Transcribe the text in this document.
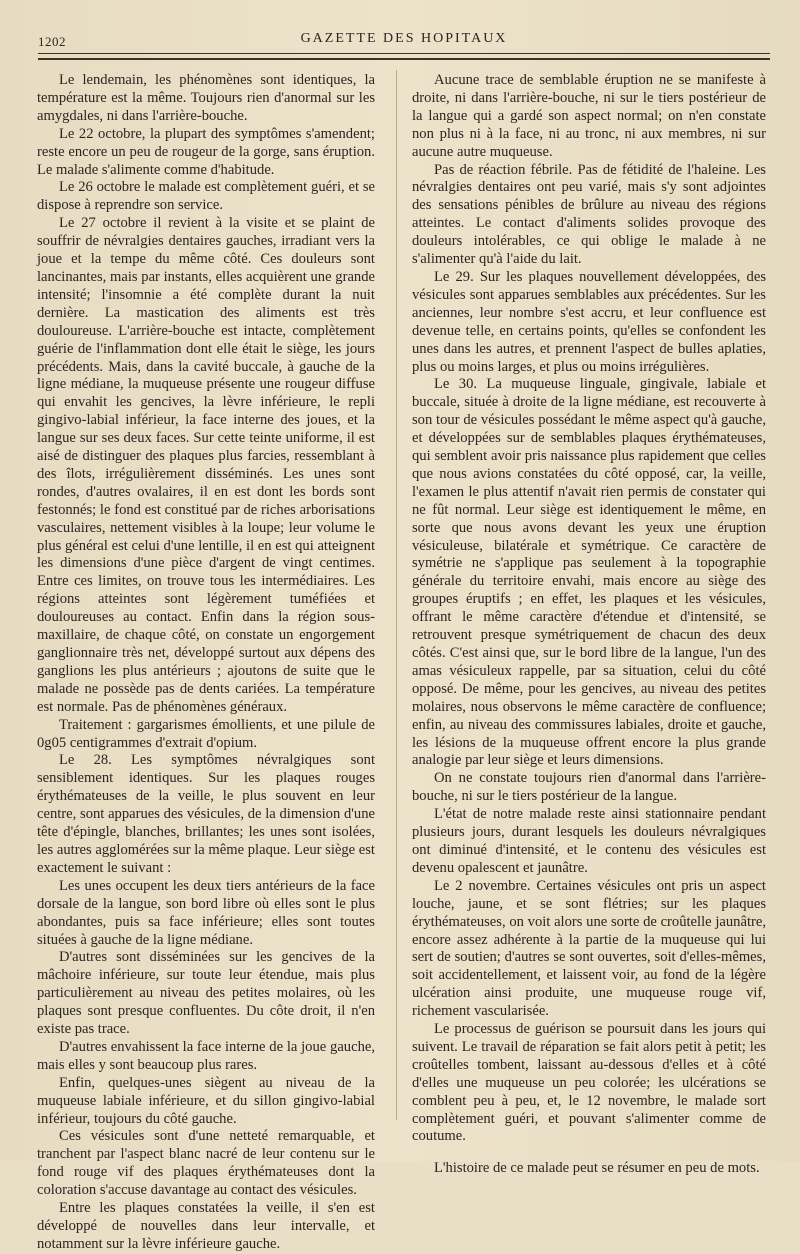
1202	GAZETTE DES HOPITAUX

Le lendemain, les phénomènes sont identiques, la température est la même. Toujours rien d'anormal sur les amygdales, ni dans l'arrière-bouche.

Le 22 octobre, la plupart des symptômes s'amendent; reste encore un peu de rougeur de la gorge, sans éruption. Le malade s'alimente comme d'habitude.

Le 26 octobre le malade est complètement guéri, et se dispose à reprendre son service.

Le 27 octobre il revient à la visite et se plaint de souffrir de névralgies dentaires gauches, irradiant vers la joue et la tempe du même côté. Ces douleurs sont lancinantes, mais par instants, elles acquièrent une grande intensité; l'insomnie a été complète durant la nuit dernière. La mastication des aliments est très douloureuse. L'arrière-bouche est intacte, complètement guérie de l'inflammation dont elle était le siège, les jours précédents. Mais, dans la cavité buccale, à gauche de la ligne médiane, la muqueuse présente une rougeur diffuse qui envahit les gencives, la lèvre inférieure, le repli gingivo-labial inférieur, la face interne des joues, et la langue sur ses deux faces. Sur cette teinte uniforme, il est aisé de distinguer des plaques plus farcies, ressemblant à des îlots, irrégulièrement disséminés. Les unes sont rondes, d'autres ovalaires, il en est dont les bords sont festonnés; le fond est constitué par de riches arborisations vasculaires, nettement visibles à la loupe; leur volume le plus général est celui d'une lentille, il en est qui atteignent les dimensions d'une pièce d'argent de vingt centimes. Entre ces limites, on trouve tous les intermédiaires. Les régions atteintes sont légèrement tuméfiées et douloureuses au contact. Enfin dans la région sous-maxillaire, de chaque côté, on constate un engorgement ganglionnaire très net, développé surtout aux dépens des ganglions les plus antérieurs ; ajoutons de suite que le malade ne possède pas de dents cariées. La température est normale. Pas de phénomènes généraux.

Traitement : gargarismes émollients, et une pilule de 0g05 centigrammes d'extrait d'opium.

Le 28. Les symptômes névralgiques sont sensiblement identiques. Sur les plaques rouges érythémateuses de la veille, le plus souvent en leur centre, sont apparues des vésicules, de la dimension d'une tête d'épingle, blanches, brillantes; les unes sont isolées, les autres agglomérées sur la même plaque. Leur siège est exactement le suivant :

Les unes occupent les deux tiers antérieurs de la face dorsale de la langue, son bord libre où elles sont le plus abondantes, puis sa face inférieure; elles sont toutes situées à gauche de la ligne médiane.

D'autres sont disséminées sur les gencives de la mâchoire inférieure, sur toute leur étendue, mais plus particulièrement au niveau des petites molaires, où les plaques sont presque confluentes. Du côte droit, il n'en existe pas trace.

D'autres envahissent la face interne de la joue gauche, mais elles y sont beaucoup plus rares.

Enfin, quelques-unes siègent au niveau de la muqueuse labiale inférieure, et du sillon gingivo-labial inférieur, toujours du côté gauche.

Ces vésicules sont d'une netteté remarquable, et tranchent par l'aspect blanc nacré de leur contenu sur le fond rouge vif des plaques érythémateuses dont la coloration s'accuse davantage au contact des vésicules.

Entre les plaques constatées la veille, il s'en est développé de nouvelles dans leur intervalle, et notamment sur la lèvre inférieure gauche.

Aucune trace de semblable éruption ne se manifeste à droite, ni dans l'arrière-bouche, ni sur le tiers postérieur de la langue qui a gardé son aspect normal; on n'en constate non plus ni à la face, ni au tronc, ni aux membres, ni sur aucune autre muqueuse.

Pas de réaction fébrile. Pas de fétidité de l'haleine. Les névralgies dentaires ont peu varié, mais s'y sont adjointes des sensations pénibles de brûlure au niveau des régions atteintes. Le contact d'aliments solides provoque des douleurs intolérables, ce qui oblige le malade à ne s'alimenter qu'à l'aide du lait.

Le 29. Sur les plaques nouvellement développées, des vésicules sont apparues semblables aux précédentes. Sur les anciennes, leur nombre s'est accru, et leur confluence est devenue telle, en certains points, qu'elles se confondent les unes dans les autres, et prennent l'aspect de bulles aplaties, plus ou moins larges, et plus ou moins irrégulières.

Le 30. La muqueuse linguale, gingivale, labiale et buccale, située à droite de la ligne médiane, est recouverte à son tour de vésicules possédant le même aspect qu'à gauche, et développées sur de semblables plaques érythémateuses, qui semblent avoir pris naissance plus rapidement que celles que nous avions constatées du côté opposé, car, la veille, l'examen le plus attentif n'avait rien permis de constater qui ne fût normal. Leur siège est identiquement le même, en sorte que nous avons devant les yeux une éruption vésiculeuse, bilatérale et symétrique. Ce caractère de symétrie ne s'applique pas seulement à la topographie générale du territoire envahi, mais encore au siège des groupes éruptifs ; en effet, les plaques et les vésicules, offrant le même caractère d'étendue et d'intensité, se retrouvent presque symétriquement de chacun des deux côtés. C'est ainsi que, sur le bord libre de la langue, l'un des amas vésiculeux rappelle, par sa situation, celui du côté opposé. De même, pour les gencives, au niveau des petites molaires, nous observons le même caractère de confluence; enfin, au niveau des commissures labiales, droite et gauche, les lésions de la muqueuse offrent encore la plus grande analogie par leur siège et leurs dimensions.

On ne constate toujours rien d'anormal dans l'arrière-bouche, ni sur le tiers postérieur de la langue.

L'état de notre malade reste ainsi stationnaire pendant plusieurs jours, durant lesquels les douleurs névralgiques ont diminué d'intensité, et le contenu des vésicules est devenu opalescent et jaunâtre.

Le 2 novembre. Certaines vésicules ont pris un aspect louche, jaune, et se sont flétries; sur les plaques érythémateuses, on voit alors une sorte de croûtelle jaunâtre, encore assez adhérente à la partie de la muqueuse qui lui sert de soutien; d'autres se sont ouvertes, soit d'elles-mêmes, soit accidentellement, et laissent voir, au fond de la légère ulcération ainsi produite, une muqueuse rouge vif, richement vascularisée.

Le processus de guérison se poursuit dans les jours qui suivent. Le travail de réparation se fait alors petit à petit; les croûtelles tombent, laissant au-dessous d'elles et à côté d'elles une muqueuse un peu colorée; les ulcérations se comblent peu à peu, et, le 12 novembre, le malade sort complètement guéri, et pouvant s'alimenter comme de coutume.

L'histoire de ce malade peut se résumer en peu de mots.
